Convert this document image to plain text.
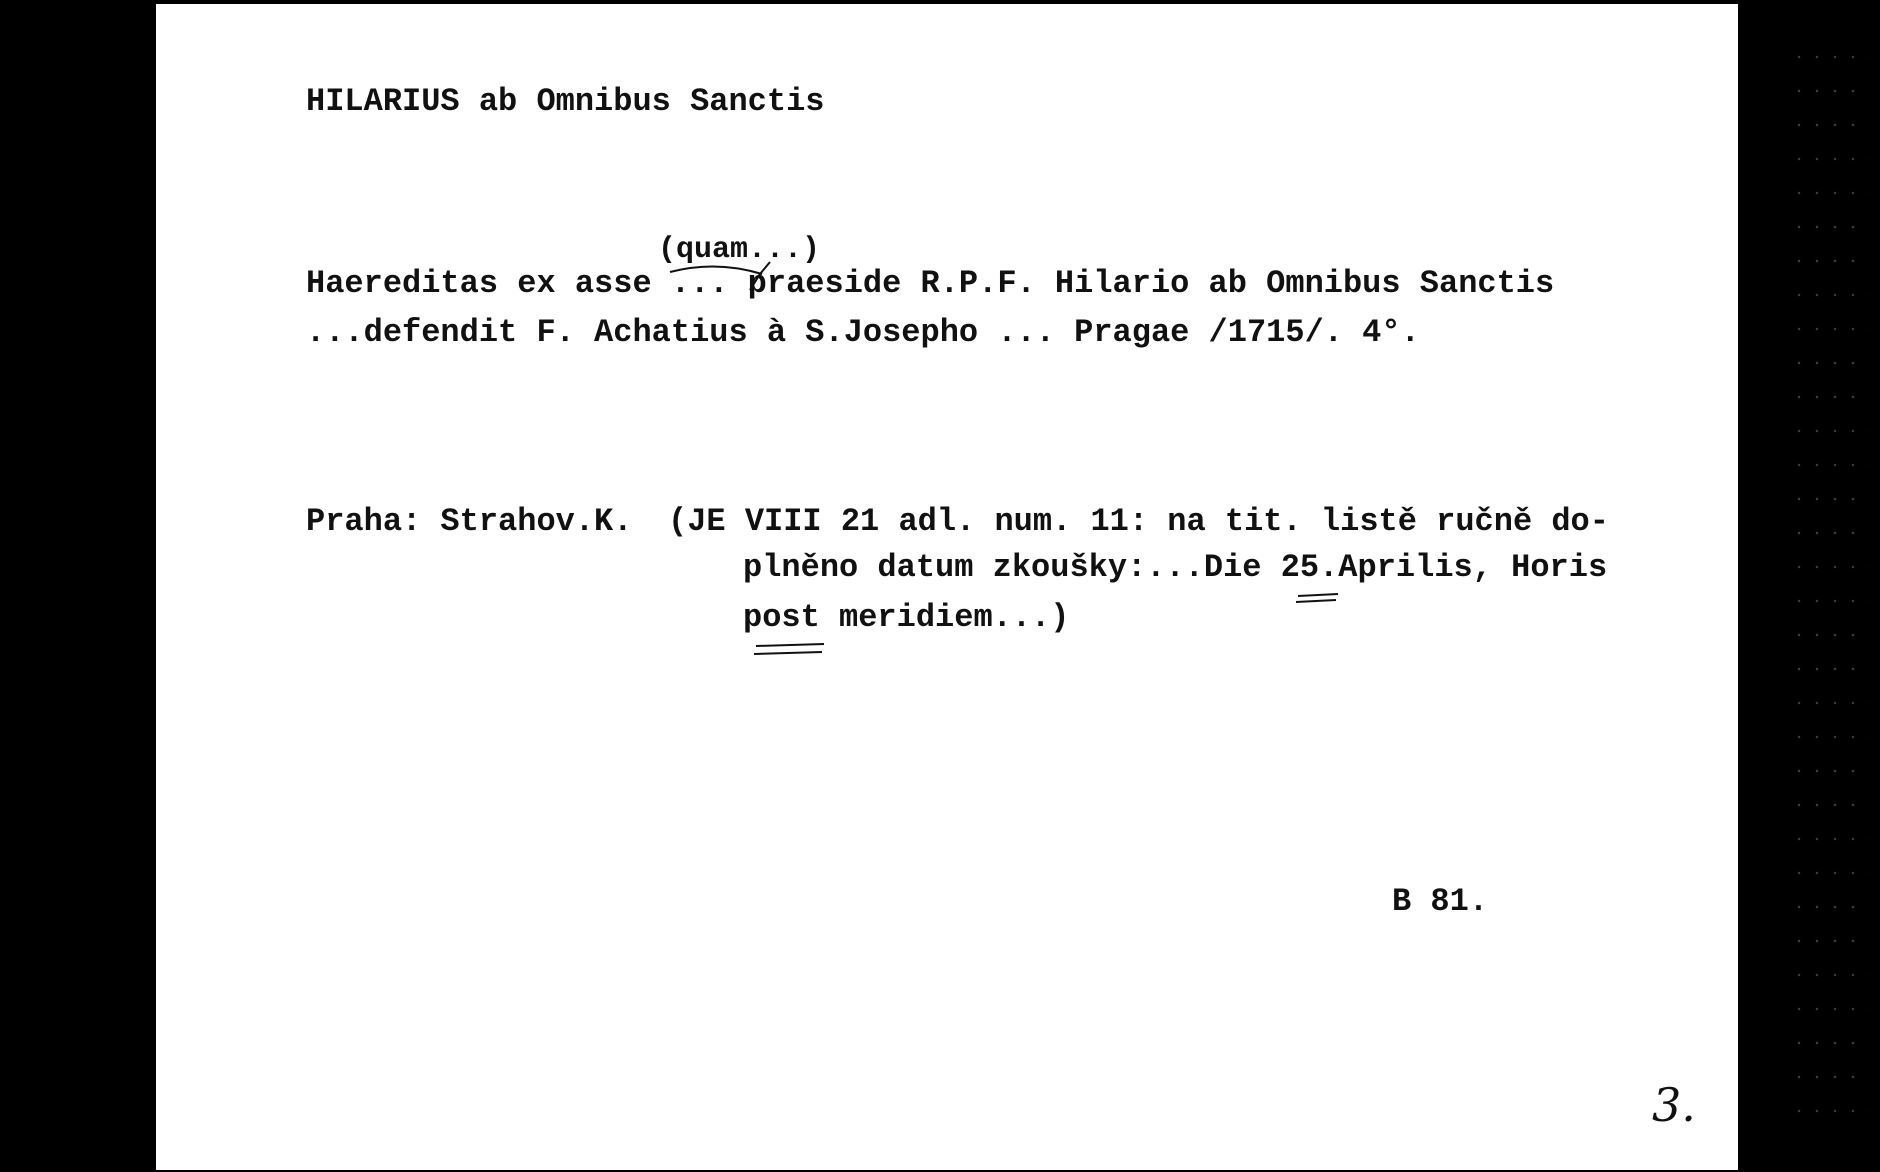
HILARIUS ab Omnibus Sanctis

(quam...)

Haereditas ex asse ... praeside R.P.F. Hilario ab Omnibus Sanctis

...defendit F. Achatius à S.Josepho ... Pragae /1715/. 4°.

Praha: Strahov.K. (JE VIII 21 adl. num. 11: na tit. listě ručně do-

plněno datum zkoušky:...Die 25.Aprilis, Horis

post meridiem...)

B 81.

3.
